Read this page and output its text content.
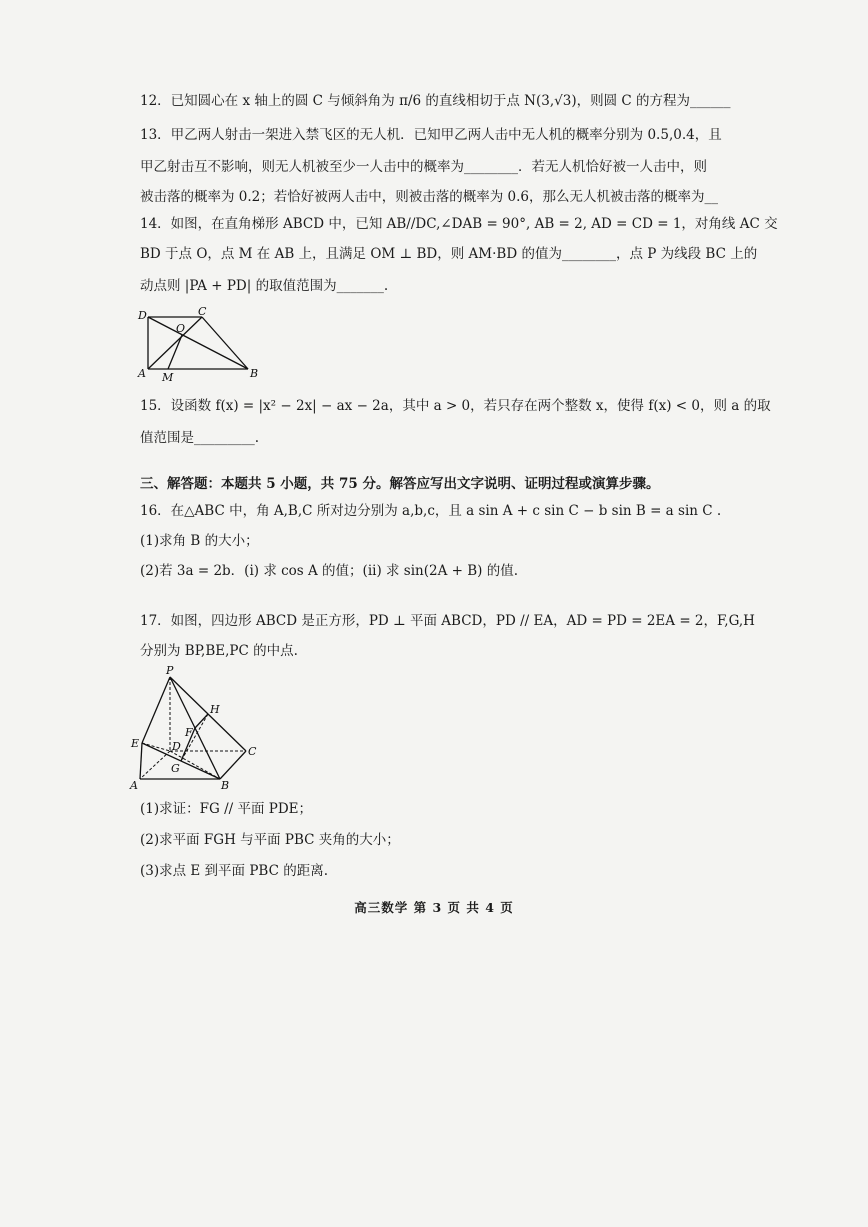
12．已知圆心在 x 轴上的圆 C 与倾斜角为 π/6 的直线相切于点 N(3,√3)，则圆 C 的方程为______
13．甲乙两人射击一架进入禁飞区的无人机．已知甲乙两人击中无人机的概率分别为 0.5,0.4，且
甲乙射击互不影响，则无人机被至少一人击中的概率为________．若无人机恰好被一人击中，则
被击落的概率为 0.2；若恰好被两人击中，则被击落的概率为 0.6，那么无人机被击落的概率为__
14．如图，在直角梯形 ABCD 中，已知 AB//DC,∠DAB = 90°, AB = 2, AD = CD = 1，对角线 AC 交
BD 于点 O，点 M 在 AB 上，且满足 OM ⊥ BD，则 AM·BD 的值为________，点 P 为线段 BC 上的
动点则 |PA + PD| 的取值范围为_______.
D	C
O
A M	B
15．设函数 f(x) = |x² − 2x| − ax − 2a，其中 a > 0，若只存在两个整数 x，使得 f(x) < 0，则 a 的取
值范围是_________.
三、解答题：本题共 5 小题，共 75 分。解答应写出文字说明、证明过程或演算步骤。
16．在△ABC 中，角 A,B,C 所对边分别为 a,b,c，且 a sin A + c sin C − b sin B = a sin C .
(1)求角 B 的大小；
(2)若 3a = 2b．(i) 求 cos A 的值；(ii) 求 sin(2A + B) 的值.
17．如图，四边形 ABCD 是正方形，PD ⊥ 平面 ABCD，PD // EA，AD = PD = 2EA = 2，F,G,H
分别为 BP,BE,PC 的中点.
P
H
F
E	D	C
G
A	B
(1)求证：FG // 平面 PDE；
(2)求平面 FGH 与平面 PBC 夹角的大小；
(3)求点 E 到平面 PBC 的距离.
高三数学 第 3 页 共 4 页
